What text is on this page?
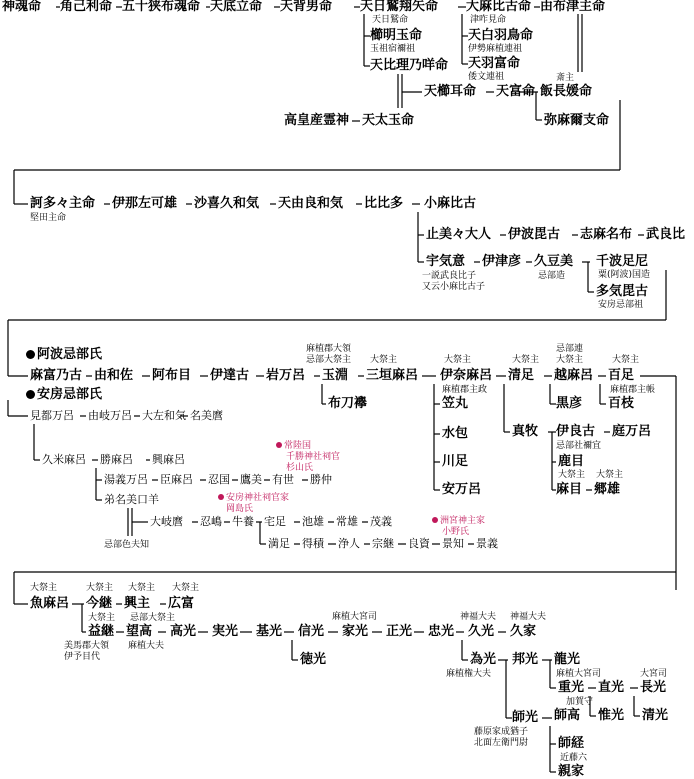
神魂命 角己利命 五十狭布魂命 天底立命 天背男命 天日鷲翔矢命
天日鷲命
大麻比古命 由布津主命
津咋見命
櫛明玉命
玉祖宿禰祖
天比理乃咩命
天白羽鳥命
伊勢麻植連祖
天羽富命
倭文連祖	斎主
天櫛耳命 天富命 飯長媛命
弥麻爾支命
高皇産霊神 天太玉命
訶多々主命
堅田主命
伊那左可雄 沙喜久和気 天由良和気 比比多 小麻比古
止美々大人 伊波毘古 志麻名布 武良比
宇気意
一説武良比子
又云小麻比古子
伊津彦 久豆美
忌部造
千波足尼
粟(阿波)国造
多気毘古
安房忌部祖
阿波忌部氏
麻富乃古 由和佐 阿布目 伊達古 岩万呂
麻植郡大領
忌部大祭主
玉淵
大祭主
三垣麻呂
大祭主
伊奈麻呂
大祭主
清足
忌部連
大祭主
越麻呂
大祭主
百足
麻植郡主帳
百枝
黒彦
布刀襷
麻植郡主政
笠丸
水包
川足
安万呂
真牧 伊良古 庭万呂
忌部社禰宜
鹿目
大祭主 大祭主
麻目 郷雄
安房忌部氏
見都万呂 由岐万呂 大左和気 名美麿
久米麻呂 勝麻呂 興麻呂
湯義万呂 臣麻呂 忍国 鷹美 有世 勝仲
弟名美口羊
大岐麿 忍嶋 牛養 宅足 池雄 常雄 茂義
満足 得積 浄人 宗継 良資 景知 景義
忌部色夫知
常陸国
千勝神社祠官
杉山氏
安房神社祠官家
岡島氏
洲宮神主家
小野氏
大祭主
魚麻呂
大祭主
今継
大祭主
興主
大祭主
広富
大祭主
益継
忌部大祭主
望高 高光 実光 基光 信光
麻植大宮司
家光 正光 忠光
神福大夫
久光
神福大夫
久家
美馬郡大領
伊予目代
麻植大夫
徳光	為光
麻植権大夫
邦光 龍光
麻植大宮司
重光 直光
大宮司
長光
加賀守
師光
藤原家成猶子
北面左衛門尉
師高 惟光 清光
師経
近藤六
親家
